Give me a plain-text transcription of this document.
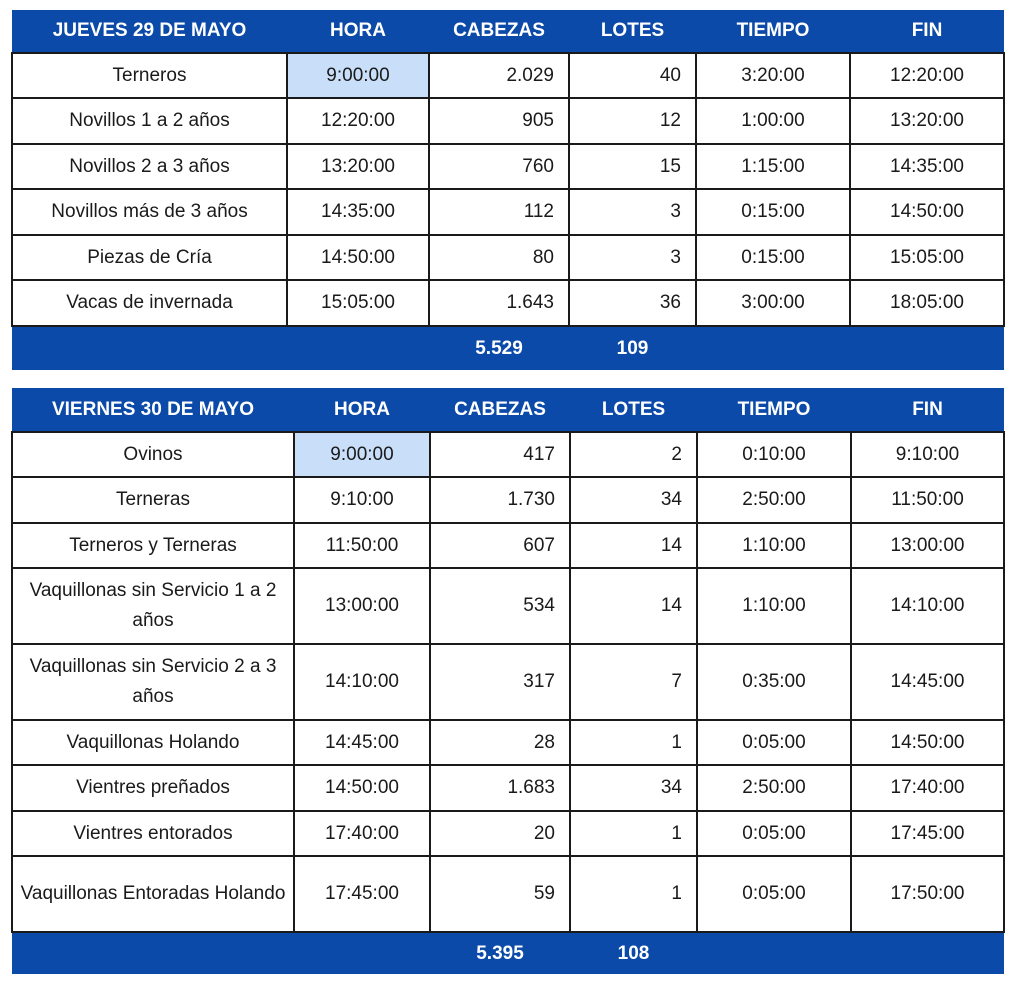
JUEVES 29 DE MAYO	HORA	CABEZAS	LOTES	TIEMPO	FIN
Terneros	9:00:00	2.029	40	3:20:00	12:20:00
Novillos 1 a 2 años	12:20:00	905	12	1:00:00	13:20:00
Novillos 2 a 3 años	13:20:00	760	15	1:15:00	14:35:00
Novillos más de 3 años	14:35:00	112	3	0:15:00	14:50:00
Piezas de Cría	14:50:00	80	3	0:15:00	15:05:00
Vacas de invernada	15:05:00	1.643	36	3:00:00	18:05:00
		5.529	109		
VIERNES 30 DE MAYO	HORA	CABEZAS	LOTES	TIEMPO	FIN
Ovinos	9:00:00	417	2	0:10:00	9:10:00
Terneras	9:10:00	1.730	34	2:50:00	11:50:00
Terneros y Terneras	11:50:00	607	14	1:10:00	13:00:00
Vaquillonas sin Servicio 1 a 2 años	13:00:00	534	14	1:10:00	14:10:00
Vaquillonas sin Servicio 2 a 3 años	14:10:00	317	7	0:35:00	14:45:00
Vaquillonas Holando	14:45:00	28	1	0:05:00	14:50:00
Vientres preñados	14:50:00	1.683	34	2:50:00	17:40:00
Vientres entorados	17:40:00	20	1	0:05:00	17:45:00
Vaquillonas Entoradas Holando	17:45:00	59	1	0:05:00	17:50:00
		5.395	108		
